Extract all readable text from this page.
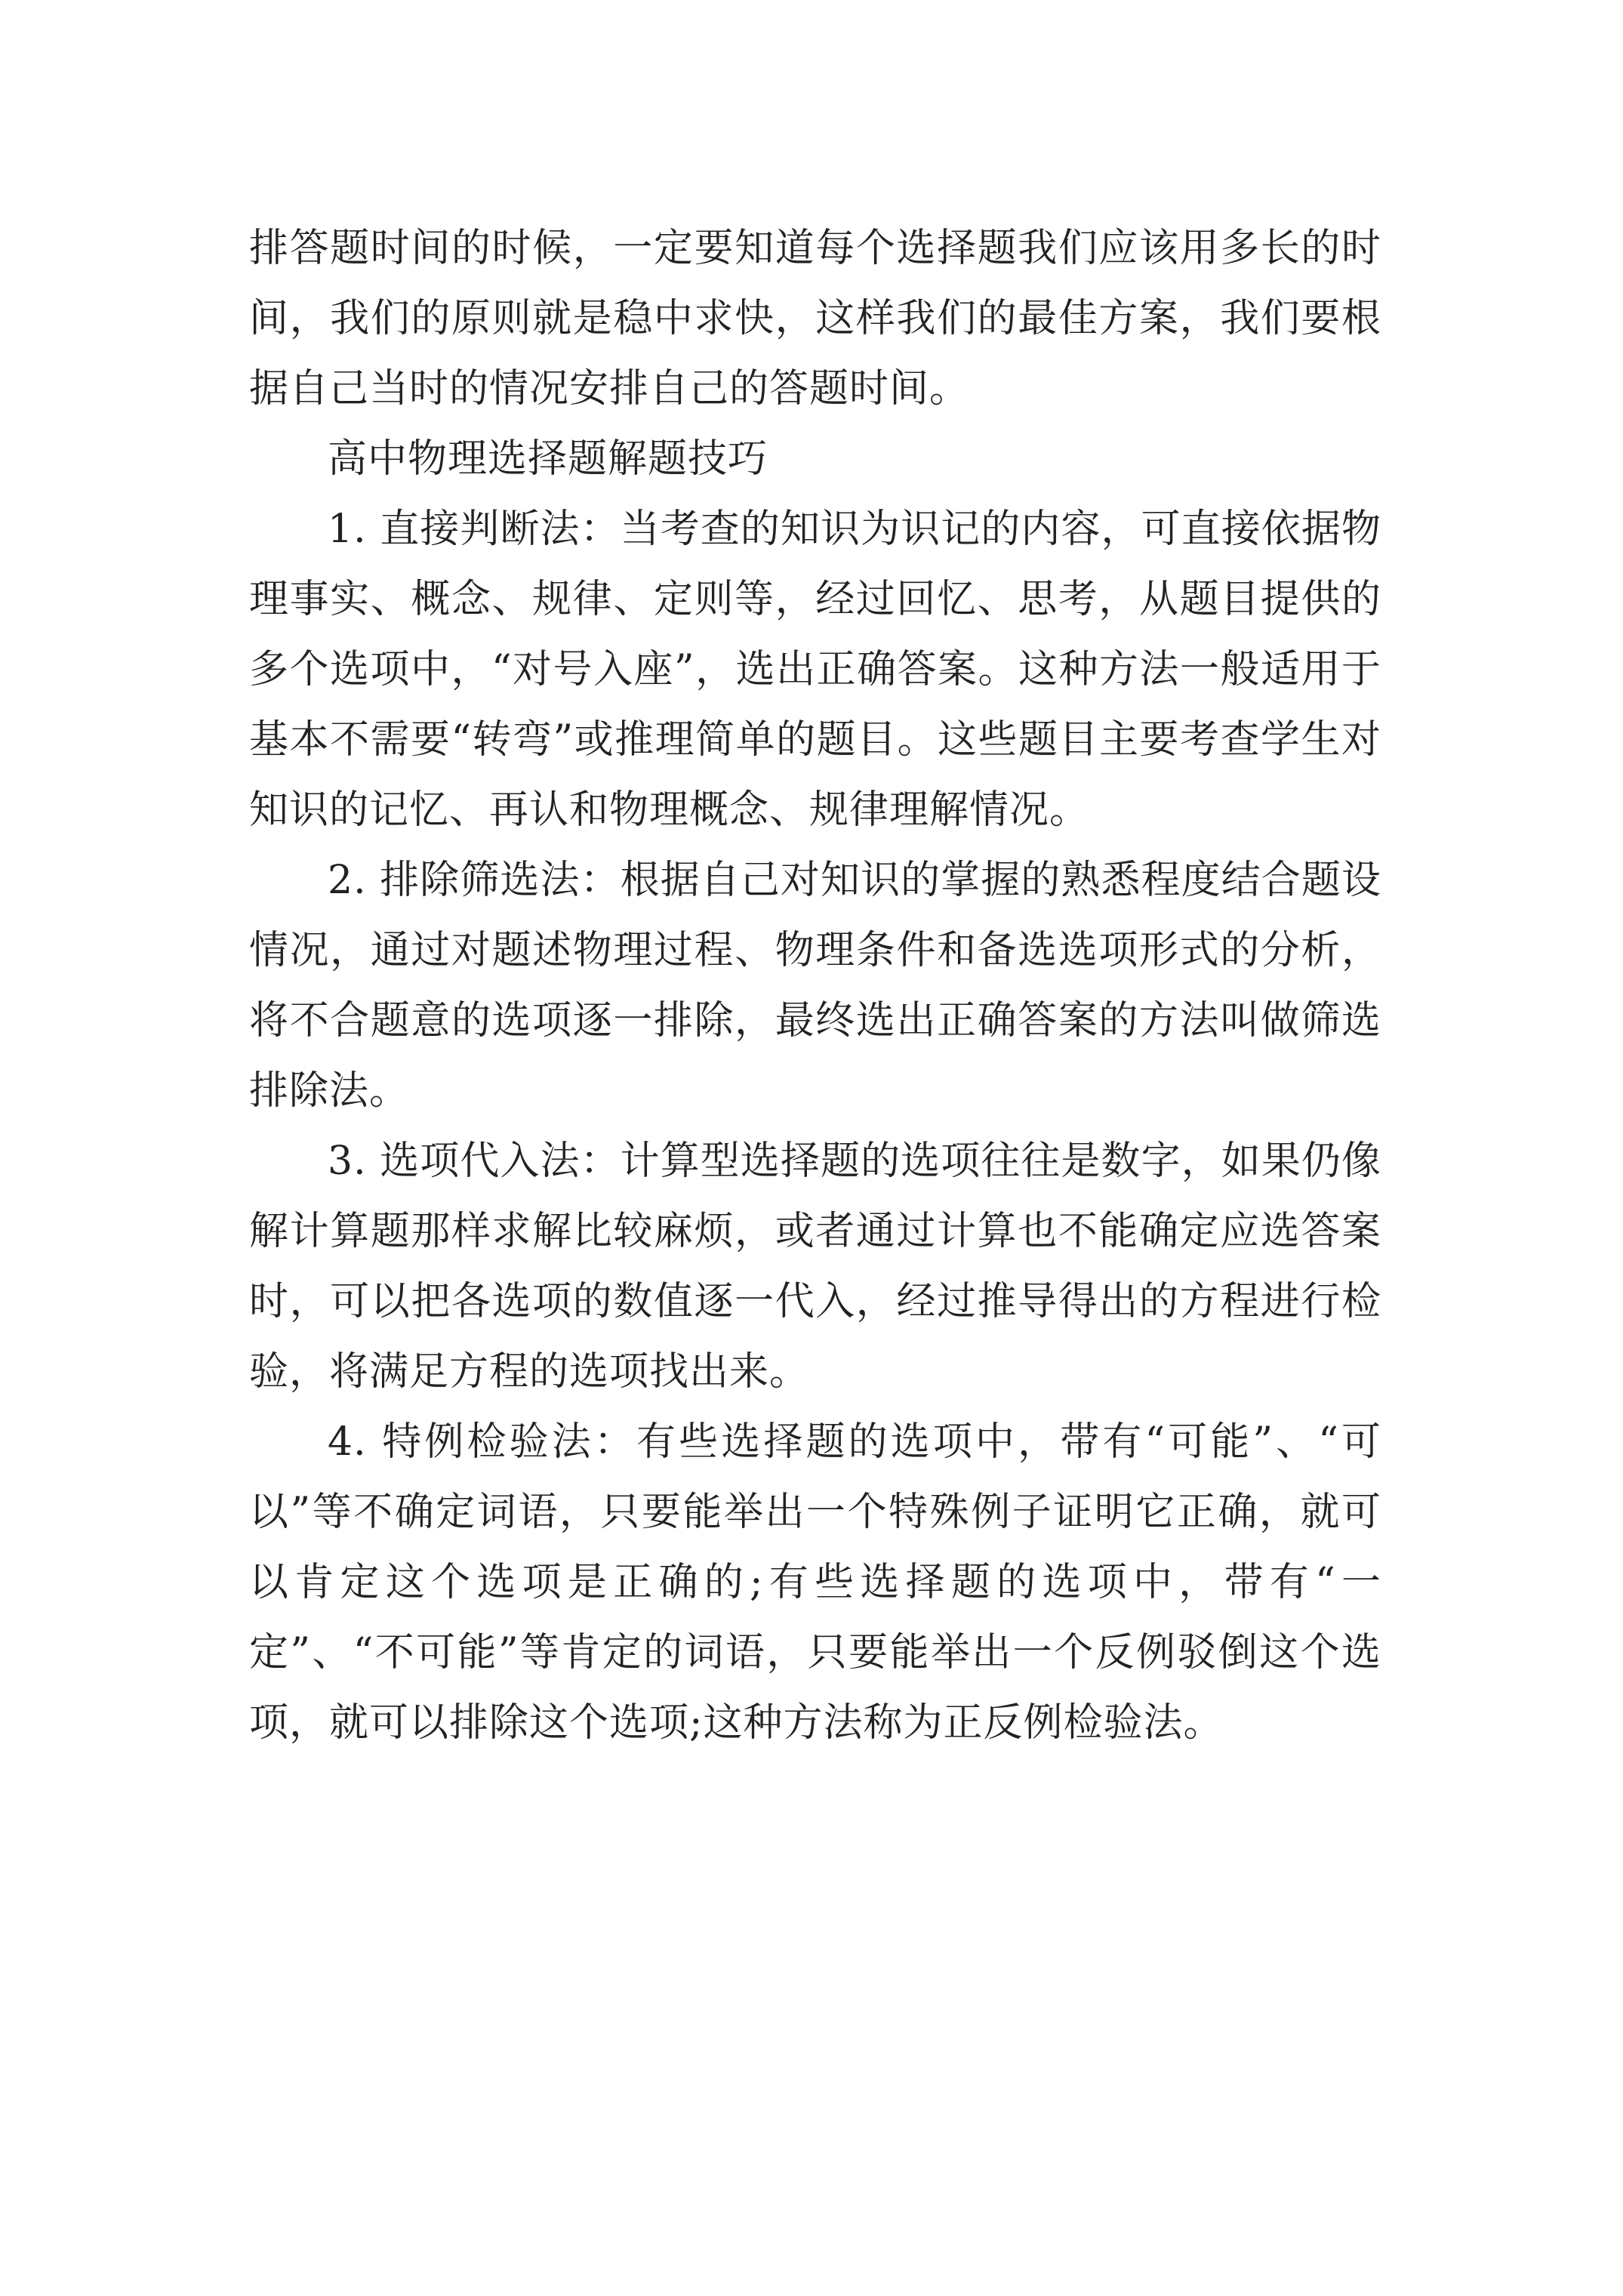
排答题时间的时候，一定要知道每个选择题我们应该用多长的时间，我们的原则就是稳中求快，这样我们的最佳方案，我们要根据自己当时的情况安排自己的答题时间。

高中物理选择题解题技巧

1. 直接判断法：当考查的知识为识记的内容，可直接依据物理事实、概念、规律、定则等，经过回忆、思考，从题目提供的多个选项中，“对号入座”，选出正确答案。这种方法一般适用于基本不需要“转弯”或推理简单的题目。这些题目主要考查学生对知识的记忆、再认和物理概念、规律理解情况。

2. 排除筛选法：根据自己对知识的掌握的熟悉程度结合题设情况，通过对题述物理过程、物理条件和备选选项形式的分析，将不合题意的选项逐一排除，最终选出正确答案的方法叫做筛选排除法。

3. 选项代入法：计算型选择题的选项往往是数字，如果仍像解计算题那样求解比较麻烦，或者通过计算也不能确定应选答案时，可以把各选项的数值逐一代入，经过推导得出的方程进行检验，将满足方程的选项找出来。

4. 特例检验法：有些选择题的选项中，带有“可能”、“可以”等不确定词语，只要能举出一个特殊例子证明它正确，就可以肯定这个选项是正确的;有些选择题的选项中，带有“一定”、“不可能”等肯定的词语，只要能举出一个反例驳倒这个选项，就可以排除这个选项;这种方法称为正反例检验法。
